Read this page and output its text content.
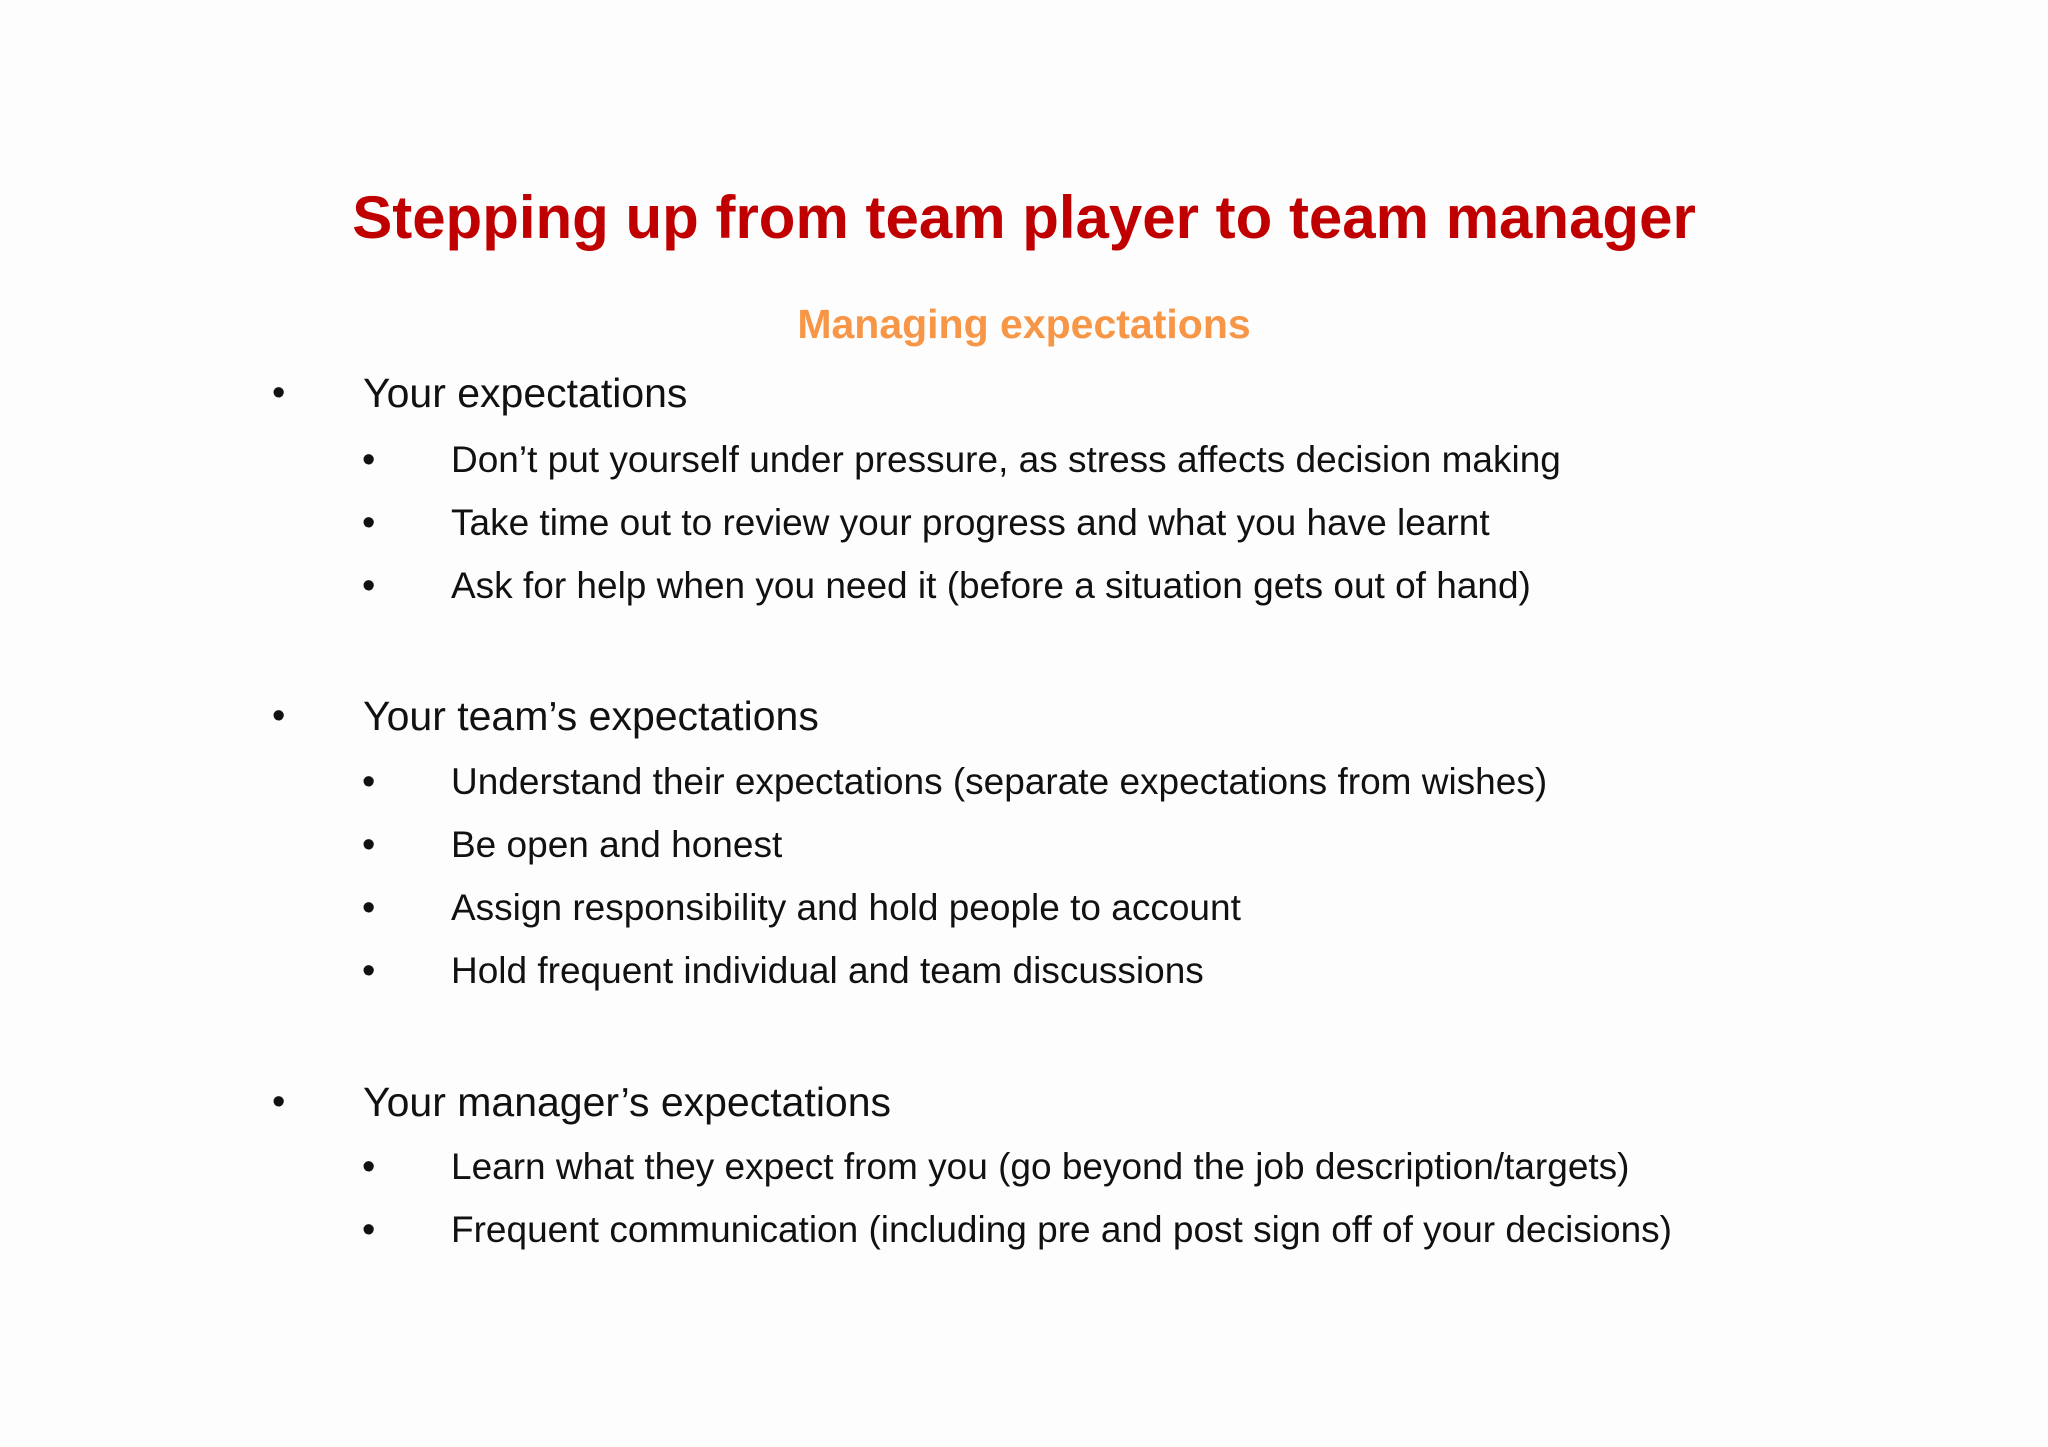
Stepping up from team player to team manager
Managing expectations
• Your expectations
• Don’t put yourself under pressure, as stress affects decision making
• Take time out to review your progress and what you have learnt
• Ask for help when you need it (before a situation gets out of hand)
• Your team’s expectations
• Understand their expectations (separate expectations from wishes)
• Be open and honest
• Assign responsibility and hold people to account
• Hold frequent individual and team discussions
• Your manager’s expectations
• Learn what they expect from you (go beyond the job description/targets)
• Frequent communication (including pre and post sign off of your decisions)
